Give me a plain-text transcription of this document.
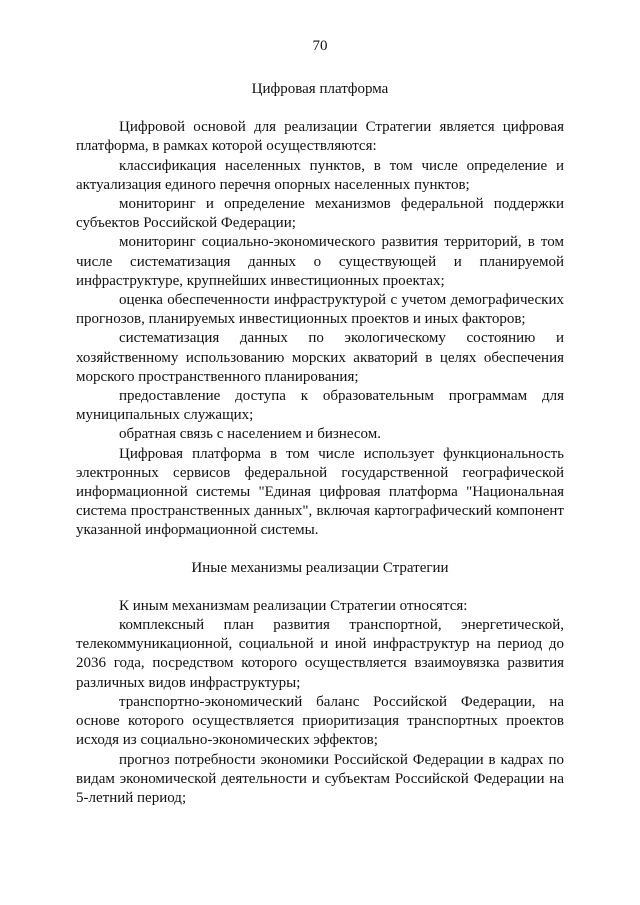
70

Цифровая платформа

Цифровой основой для реализации Стратегии является цифровая платформа, в рамках которой осуществляются:

классификация населенных пунктов, в том числе определение и актуализация единого перечня опорных населенных пунктов;

мониторинг и определение механизмов федеральной поддержки субъектов Российской Федерации;

мониторинг социально-экономического развития территорий, в том числе систематизация данных о существующей и планируемой инфраструктуре, крупнейших инвестиционных проектах;

оценка обеспеченности инфраструктурой с учетом демографических прогнозов, планируемых инвестиционных проектов и иных факторов;

систематизация данных по экологическому состоянию и хозяйственному использованию морских акваторий в целях обеспечения морского пространственного планирования;

предоставление доступа к образовательным программам для муниципальных служащих;

обратная связь с населением и бизнесом.

Цифровая платформа в том числе использует функциональность электронных сервисов федеральной государственной географической информационной системы "Единая цифровая платформа "Национальная система пространственных данных", включая картографический компонент указанной информационной системы.

Иные механизмы реализации Стратегии

К иным механизмам реализации Стратегии относятся:

комплексный план развития транспортной, энергетической, телекоммуникационной, социальной и иной инфраструктур на период до 2036 года, посредством которого осуществляется взаимоувязка развития различных видов инфраструктуры;

транспортно-экономический баланс Российской Федерации, на основе которого осуществляется приоритизация транспортных проектов исходя из социально-экономических эффектов;

прогноз потребности экономики Российской Федерации в кадрах по видам экономической деятельности и субъектам Российской Федерации на 5-летний период;
